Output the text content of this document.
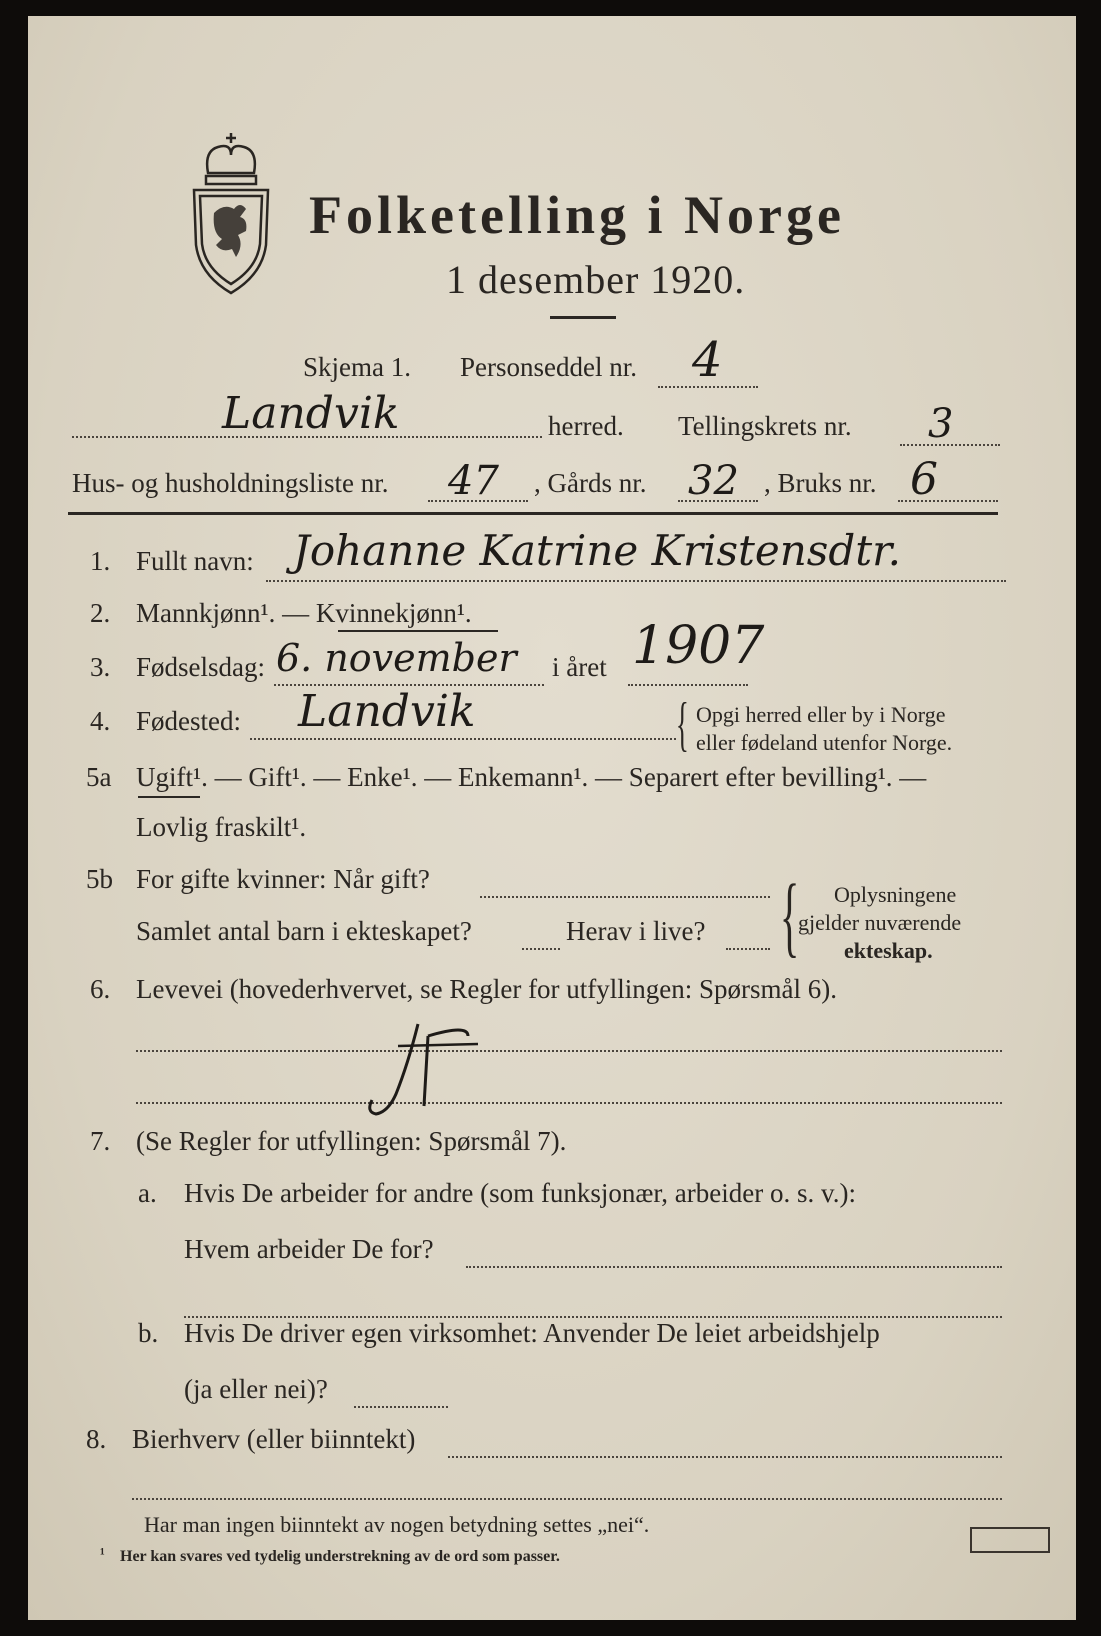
Folketelling i Norge
1 desember 1920.
Skjema 1. Personseddel nr. 4
Landvik	herred. Tellingskrets nr. 3
Hus- og husholdningsliste nr. 47 , Gårds nr. 32 , Bruks nr. 6
1. Fullt navn: Johanne Katrine Kristensdtr.
2. Mannkjønn¹. — Kvinnekjønn¹.
3. Fødselsdag: 6. november i året 1907
4. Fødested: Landvik	{ Opgi herred eller by i Norge
eller fødeland utenfor Norge.
5a Ugift¹. — Gift¹. — Enke¹. — Enkemann¹. — Separert efter bevilling¹. —
Lovlig fraskilt¹.
5b For gifte kvinner: Når gift?
Samlet antal barn i ekteskapet?	Herav i live? { Oplysningene
gjelder nuværende
ekteskap.
6. Levevei (hovederhvervet, se Regler for utfyllingen: Spørsmål 6).
7. (Se Regler for utfyllingen: Spørsmål 7).
a. Hvis De arbeider for andre (som funksjonær, arbeider o. s. v.):
Hvem arbeider De for?
b. Hvis De driver egen virksomhet: Anvender De leiet arbeidshjelp
(ja eller nei)?
8. Bierhverv (eller biinntekt)
Har man ingen biinntekt av nogen betydning settes „nei“.
¹ Her kan svares ved tydelig understrekning av de ord som passer.
